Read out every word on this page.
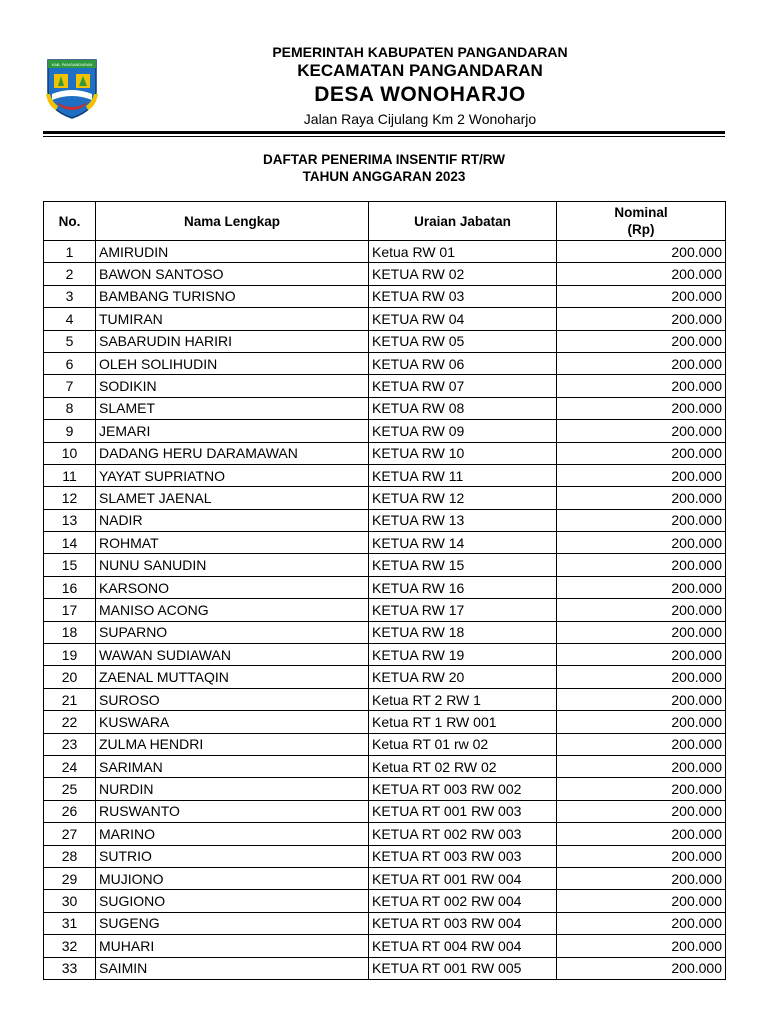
KAB. PANGANDARAN
PEMERINTAH KABUPATEN PANGANDARAN
KECAMATAN PANGANDARAN
DESA WONOHARJO
Jalan Raya Cijulang Km 2 Wonoharjo
DAFTAR PENERIMA INSENTIF RT/RW
TAHUN ANGGARAN 2023
No.	Nama Lengkap	Uraian Jabatan	Nominal
(Rp)
1	AMIRUDIN	Ketua RW 01	200.000
2	BAWON SANTOSO	KETUA RW 02	200.000
3	BAMBANG TURISNO	KETUA RW 03	200.000
4	TUMIRAN	KETUA RW 04	200.000
5	SABARUDIN HARIRI	KETUA RW 05	200.000
6	OLEH SOLIHUDIN	KETUA RW 06	200.000
7	SODIKIN	KETUA RW 07	200.000
8	SLAMET	KETUA RW 08	200.000
9	JEMARI	KETUA RW 09	200.000
10	DADANG HERU DARAMAWAN	KETUA RW 10	200.000
11	YAYAT SUPRIATNO	KETUA RW 11	200.000
12	SLAMET JAENAL	KETUA RW 12	200.000
13	NADIR	KETUA RW 13	200.000
14	ROHMAT	KETUA RW 14	200.000
15	NUNU SANUDIN	KETUA RW 15	200.000
16	KARSONO	KETUA RW 16	200.000
17	MANISO ACONG	KETUA RW 17	200.000
18	SUPARNO	KETUA RW 18	200.000
19	WAWAN SUDIAWAN	KETUA RW 19	200.000
20	ZAENAL MUTTAQIN	KETUA RW 20	200.000
21	SUROSO	Ketua RT 2 RW 1	200.000
22	KUSWARA	Ketua RT 1 RW 001	200.000
23	ZULMA HENDRI	Ketua RT 01 rw 02	200.000
24	SARIMAN	Ketua RT 02 RW 02	200.000
25	NURDIN	KETUA RT 003 RW 002	200.000
26	RUSWANTO	KETUA RT 001 RW 003	200.000
27	MARINO	KETUA RT 002 RW 003	200.000
28	SUTRIO	KETUA RT 003 RW 003	200.000
29	MUJIONO	KETUA RT 001 RW 004	200.000
30	SUGIONO	KETUA RT 002 RW 004	200.000
31	SUGENG	KETUA RT 003 RW 004	200.000
32	MUHARI	KETUA RT 004 RW 004	200.000
33	SAIMIN	KETUA RT 001 RW 005	200.000
